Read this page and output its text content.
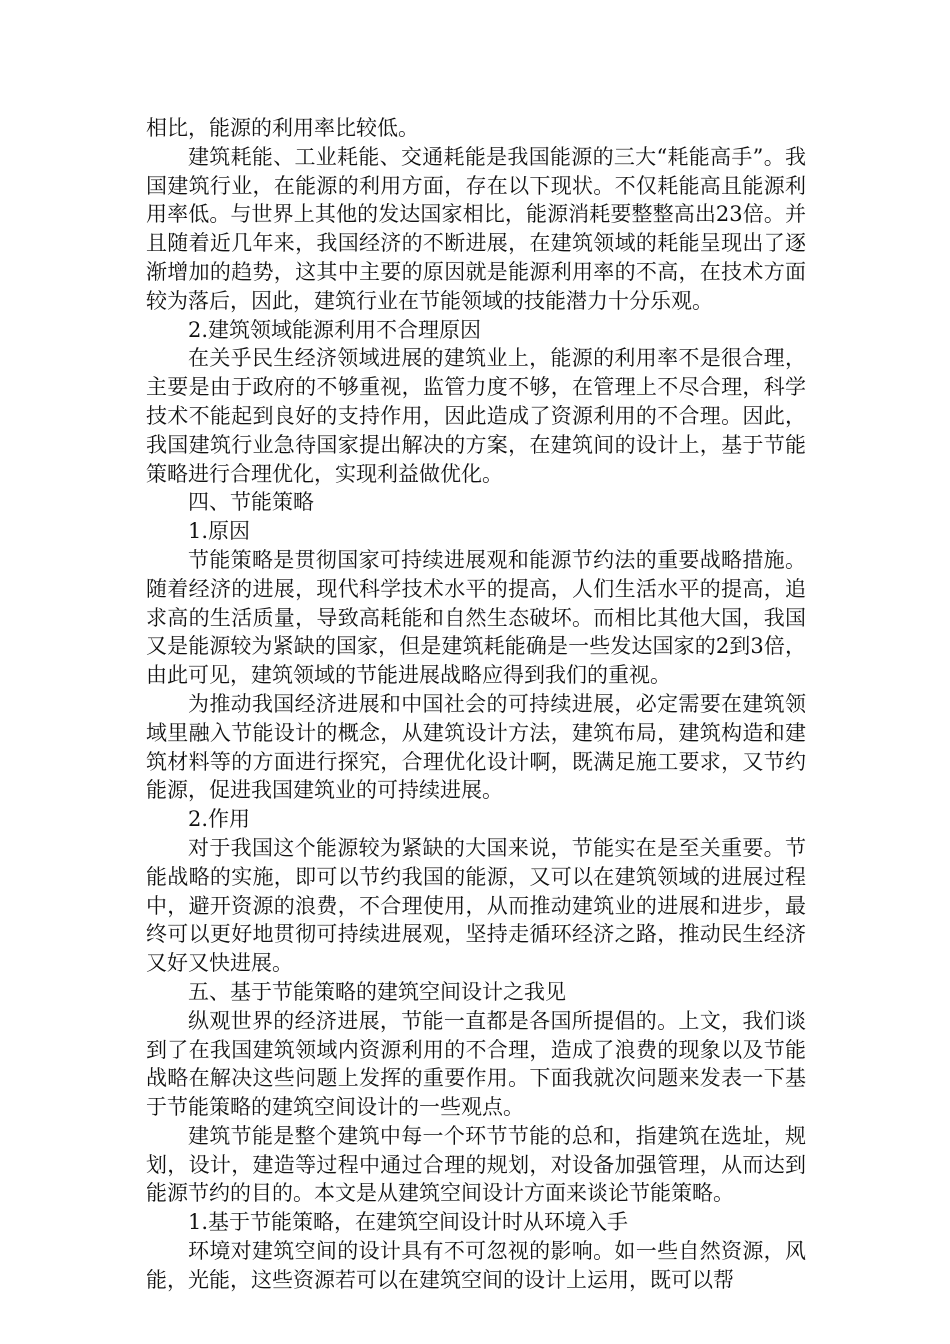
相比，能源的利用率比较低。

建筑耗能、工业耗能、交通耗能是我国能源的三大“耗能高手”。我国建筑行业，在能源的利用方面，存在以下现状。不仅耗能高且能源利用率低。与世界上其他的发达国家相比，能源消耗要整整高出23倍。并且随着近几年来，我国经济的不断进展，在建筑领域的耗能呈现出了逐渐增加的趋势，这其中主要的原因就是能源利用率的不高，在技术方面较为落后，因此，建筑行业在节能领域的技能潜力十分乐观。

2.建筑领域能源利用不合理原因

在关乎民生经济领域进展的建筑业上，能源的利用率不是很合理，主要是由于政府的不够重视，监管力度不够，在管理上不尽合理，科学技术不能起到良好的支持作用，因此造成了资源利用的不合理。因此，我国建筑行业急待国家提出解决的方案，在建筑间的设计上，基于节能策略进行合理优化，实现利益做优化。

四、节能策略

1.原因

节能策略是贯彻国家可持续进展观和能源节约法的重要战略措施。随着经济的进展，现代科学技术水平的提高，人们生活水平的提高，追求高的生活质量，导致高耗能和自然生态破坏。而相比其他大国，我国又是能源较为紧缺的国家，但是建筑耗能确是一些发达国家的2到3倍，由此可见，建筑领域的节能进展战略应得到我们的重视。

为推动我国经济进展和中国社会的可持续进展，必定需要在建筑领域里融入节能设计的概念，从建筑设计方法，建筑布局，建筑构造和建筑材料等的方面进行探究，合理优化设计啊，既满足施工要求，又节约能源，促进我国建筑业的可持续进展。

2.作用

对于我国这个能源较为紧缺的大国来说，节能实在是至关重要。节能战略的实施，即可以节约我国的能源，又可以在建筑领域的进展过程中，避开资源的浪费，不合理使用，从而推动建筑业的进展和进步，最终可以更好地贯彻可持续进展观，坚持走循环经济之路，推动民生经济又好又快进展。

五、基于节能策略的建筑空间设计之我见

纵观世界的经济进展，节能一直都是各国所提倡的。上文，我们谈到了在我国建筑领域内资源利用的不合理，造成了浪费的现象以及节能战略在解决这些问题上发挥的重要作用。下面我就次问题来发表一下基于节能策略的建筑空间设计的一些观点。

建筑节能是整个建筑中每一个环节节能的总和，指建筑在选址，规划，设计，建造等过程中通过合理的规划，对设备加强管理，从而达到能源节约的目的。本文是从建筑空间设计方面来谈论节能策略。

1.基于节能策略，在建筑空间设计时从环境入手

环境对建筑空间的设计具有不可忽视的影响。如一些自然资源，风能，光能，这些资源若可以在建筑空间的设计上运用，既可以帮
